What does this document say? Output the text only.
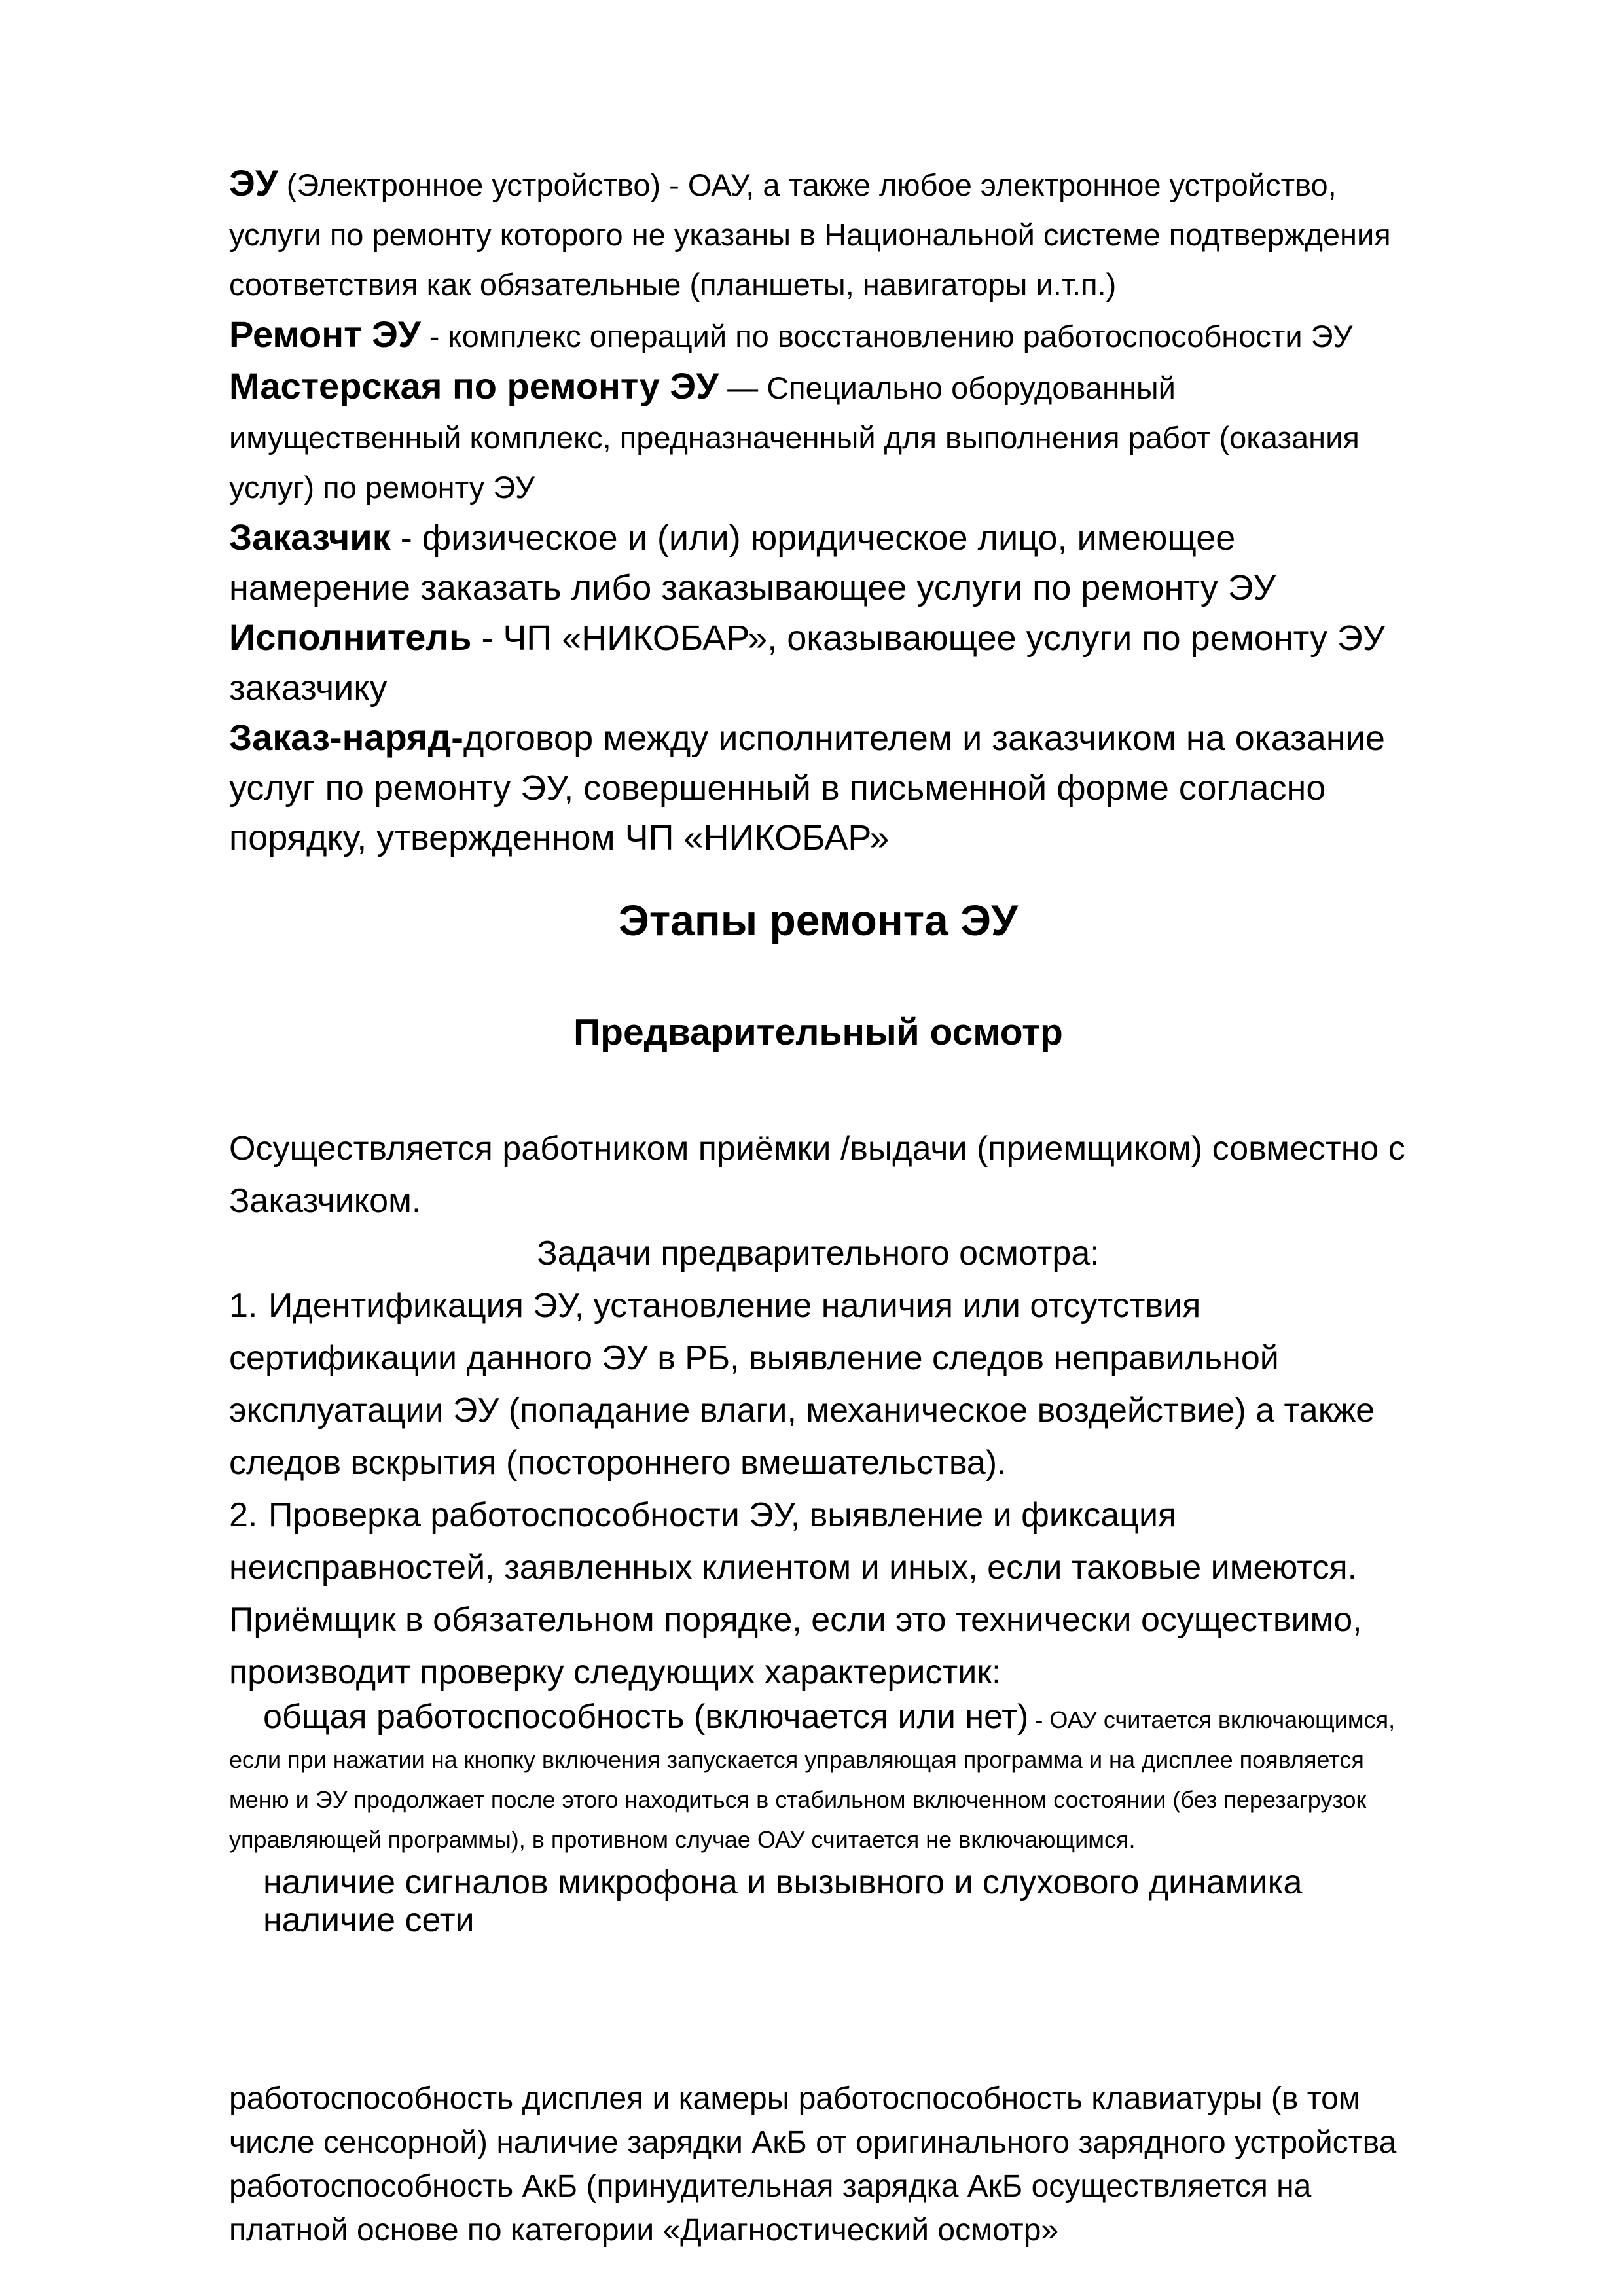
ЭУ (Электронное устройство) - ОАУ, а также любое электронное устройство, услуги по ремонту которого не указаны в Национальной системе подтверждения соответствия как обязательные (планшеты, навигаторы и.т.п.)

Ремонт ЭУ - комплекс операций по восстановлению работоспособности ЭУ

Мастерская по ремонту ЭУ — Специально оборудованный имущественный комплекс, предназначенный для выполнения работ (оказания услуг) по ремонту ЭУ

Заказчик - физическое и (или) юридическое лицо, имеющее намерение заказать либо заказывающее услуги по ремонту ЭУ

Исполнитель - ЧП «НИКОБАР», оказывающее услуги по ремонту ЭУ заказчику

Заказ-наряд-договор между исполнителем и заказчиком на оказание услуг по ремонту ЭУ, совершенный в письменной форме согласно порядку, утвержденном ЧП «НИКОБАР»

Этапы ремонта ЭУ
Предварительный осмотр

Осуществляется работником приёмки /выдачи (приемщиком) совместно с Заказчиком.

Задачи предварительного осмотра:

1. Идентификация ЭУ, установление наличия или отсутствия сертификации данного ЭУ в РБ, выявление следов неправильной эксплуатации ЭУ (попадание влаги, механическое воздействие) а также следов вскрытия (постороннего вмешательства).

2. Проверка работоспособности ЭУ, выявление и фиксация неисправностей, заявленных клиентом и иных, если таковые имеются. Приёмщик в обязательном порядке, если это технически осуществимо, производит проверку следующих характеристик:

общая работоспособность (включается или нет) - ОАУ считается включающимся, если при нажатии на кнопку включения запускается управляющая программа и на дисплее появляется меню и ЭУ продолжает после этого находиться в стабильном включенном состоянии (без перезагрузок управляющей программы), в противном случае ОАУ считается не включающимся.

наличие сигналов микрофона и вызывного и слухового динамика

наличие сети

работоспособность дисплея и камеры работоспособность клавиатуры (в том числе сенсорной) наличие зарядки АкБ от оригинального зарядного устройства работоспособность АкБ (принудительная зарядка АкБ осуществляется на платной основе по категории «Диагностический осмотр»
